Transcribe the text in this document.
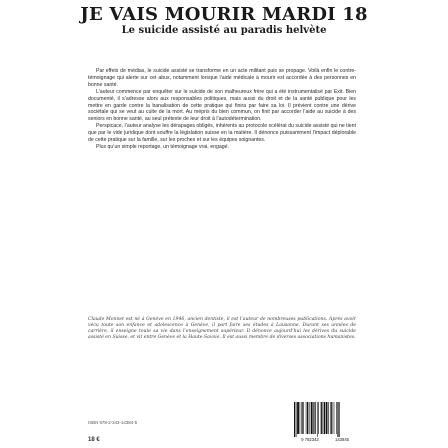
JE VAIS MOURIR MARDI 18
Le suicide assisté au paradis helvète

Par effets de médias, le suicide assisté se transforme en un acte militant puis se propage. Voilà enfin le contre-témoignage qui alerte sur cet abus, notamment lorsque l’aide médicale à mourir est accordée à des personnes en bonne santé.

L’auteur commence par enquêter sur le suicide de son malheureux frère qui a été instrumentalisé par Exit. Bien documenté, il s’adresse alors aux responsables politiques, mais aussi du droit et de la santé publique pour les mettre en garde contre la banalisation de cette pratique qui finira par faire sa loi. Il prévient contre une dérive sociétale qui se veut au culte de la mort. Au mépris du bien commun, on finit par accorder l’aide au suicide à des seniors en bonne santé, au seul prétexte de leur droit à l’autodétermination.

Perspicace, l’auteur analyse les dérapages obligés, inhérents au protocole scélérat du suicide assisté qui ne tient que par le vide juridique dont souffre la législation suisse en la matière. Il dénonce puissamment l’impact déplorable de cette pratique sur la famille, sur les proches et sur les équipes soignantes.

Plus qu’un simple reportage, un témoignage vrai, engagé.

Claude Monnet est né à Genève en 1946, ancien dentiste, il est l’auteur de nombreuses publications. Après avoir vécu toute son enfance et adolescence à Genève, il part faire ses études à Lausanne. Durant ses années de carrière, il enseigne toute sa vie dans l’enseignement supérieur. Il dénonce aujourd’hui les dérives du suicide assisté en Suisse, et vit entre Genève et la Haute-Savoie. Il est aussi membre de diverses associations humanistes.
ISBN 978-2-343-14384-5
18 €	9 782343	143845
